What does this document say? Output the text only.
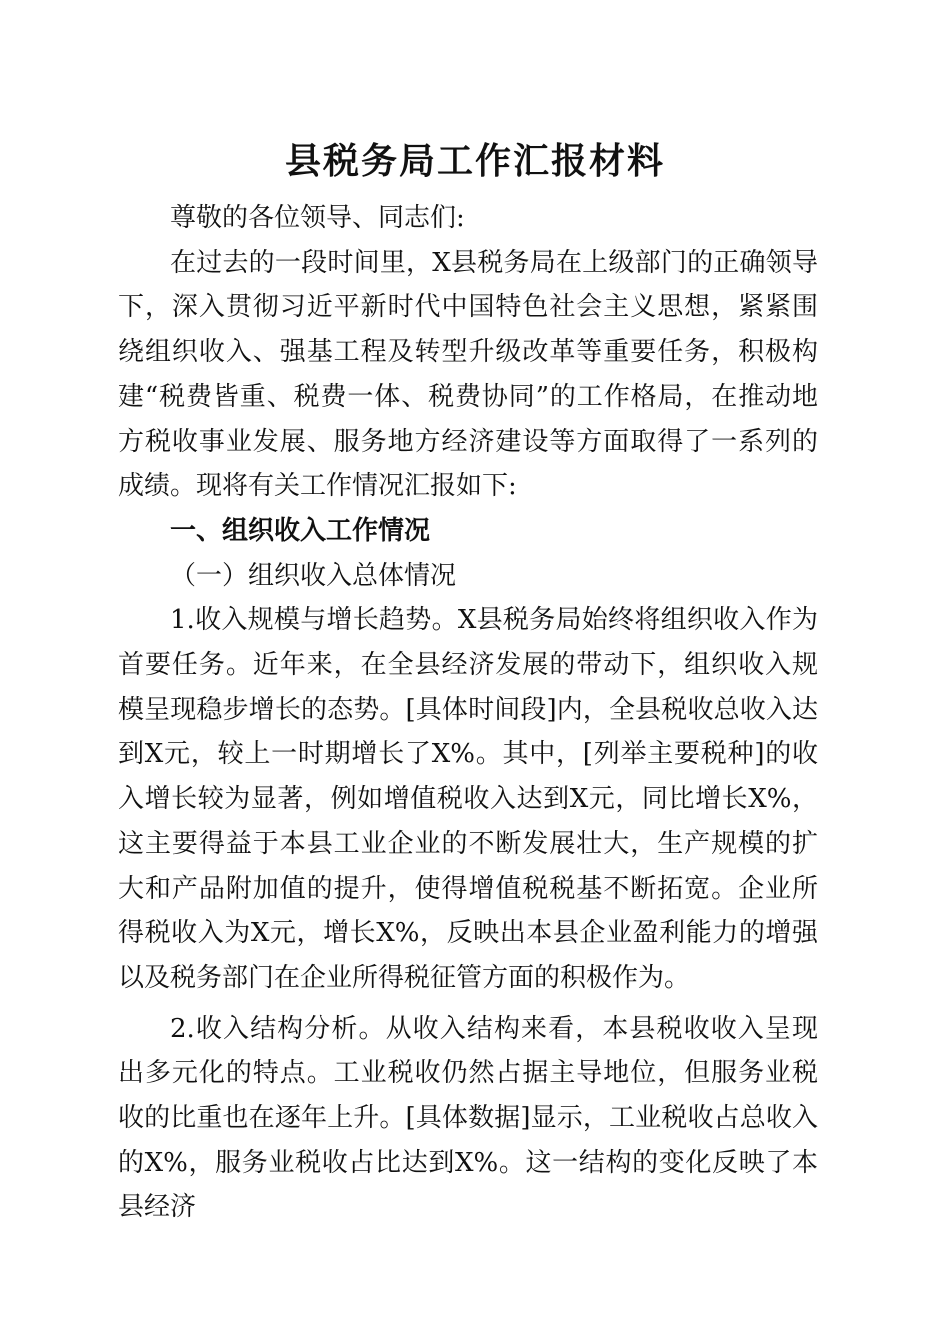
县税务局工作汇报材料

尊敬的各位领导、同志们:

在过去的一段时间里，X县税务局在上级部门的正确领导下，深入贯彻习近平新时代中国特色社会主义思想，紧紧围绕组织收入、强基工程及转型升级改革等重要任务，积极构建“税费皆重、税费一体、税费协同”的工作格局，在推动地方税收事业发展、服务地方经济建设等方面取得了一系列的成绩。现将有关工作情况汇报如下:

一、组织收入工作情况

（一）组织收入总体情况

1.收入规模与增长趋势。X县税务局始终将组织收入作为首要任务。近年来，在全县经济发展的带动下，组织收入规模呈现稳步增长的态势。[具体时间段]内，全县税收总收入达到X元，较上一时期增长了X%。其中，[列举主要税种]的收入增长较为显著，例如增值税收入达到X元，同比增长X%，这主要得益于本县工业企业的不断发展壮大，生产规模的扩大和产品附加值的提升，使得增值税税基不断拓宽。企业所得税收入为X元，增长X%，反映出本县企业盈利能力的增强以及税务部门在企业所得税征管方面的积极作为。

2.收入结构分析。从收入结构来看，本县税收收入呈现出多元化的特点。工业税收仍然占据主导地位，但服务业税收的比重也在逐年上升。[具体数据]显示，工业税收占总收入的X%，服务业税收占比达到X%。这一结构的变化反映了本县经济
